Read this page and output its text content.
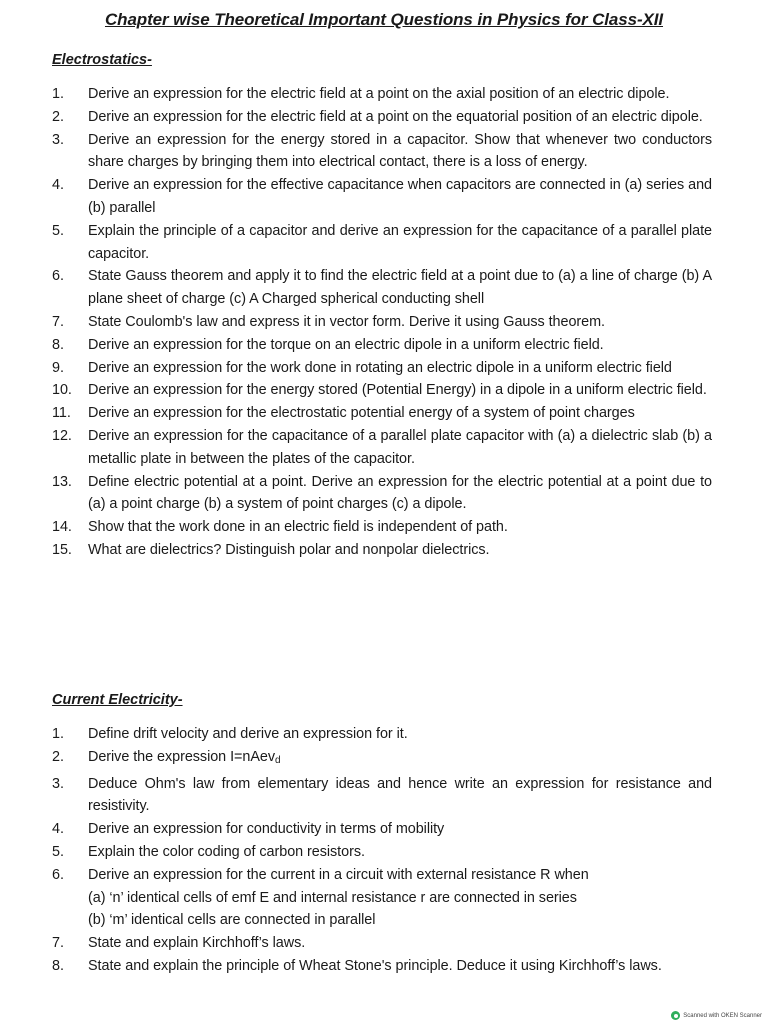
Chapter wise Theoretical Important Questions in Physics for Class-XII
Electrostatics-
1.	Derive an expression for the electric field at a point on the axial position of an electric dipole.
2.	Derive an expression for the electric field at a point on the equatorial position of an electric dipole.
3.	Derive an expression for the energy stored in a capacitor. Show that whenever two conductors share charges by bringing them into electrical contact, there is a loss of energy.
4.	Derive an expression for the effective capacitance when capacitors are connected in (a) series and (b) parallel
5.	Explain the principle of a capacitor and derive an expression for the capacitance of a parallel plate capacitor.
6.	State Gauss theorem and apply it to find the electric field at a point due to (a) a line of charge (b) A plane sheet of charge (c) A Charged spherical conducting shell
7.	State Coulomb's law and express it in vector form. Derive it using Gauss theorem.
8.	Derive an expression for the torque on an electric dipole in a uniform electric field.
9.	Derive an expression for the work done in rotating an electric dipole in a uniform electric field
10.	Derive an expression for the energy stored (Potential Energy) in a dipole in a uniform electric field.
11.	Derive an expression for the electrostatic potential energy of a system of point charges
12.	Derive an expression for the capacitance of a parallel plate capacitor with (a) a dielectric slab (b) a metallic plate in between the plates of the capacitor.
13.	Define electric potential at a point. Derive an expression for the electric potential at a point due to (a) a point charge (b) a system of point charges (c) a dipole.
14.	Show that the work done in an electric field is independent of path.
15.	What are dielectrics? Distinguish polar and nonpolar dielectrics.
Current Electricity-
1.	Define drift velocity and derive an expression for it.
2.	Derive the expression I=nAev$_d$
3.	Deduce Ohm's law from elementary ideas and hence write an expression for resistance and resistivity.
4.	Derive an expression for conductivity in terms of mobility
5.	Explain the color coding of carbon resistors.
6.	Derive an expression for the current in a circuit with external resistance R when
(a) ‘n’ identical cells of emf E and internal resistance r are connected in series
(b) ‘m’ identical cells are connected in parallel
7.	State and explain Kirchhoff’s laws.
8.	State and explain the principle of Wheat Stone's principle. Deduce it using Kirchhoff’s laws.
Scanned with OKEN Scanner
